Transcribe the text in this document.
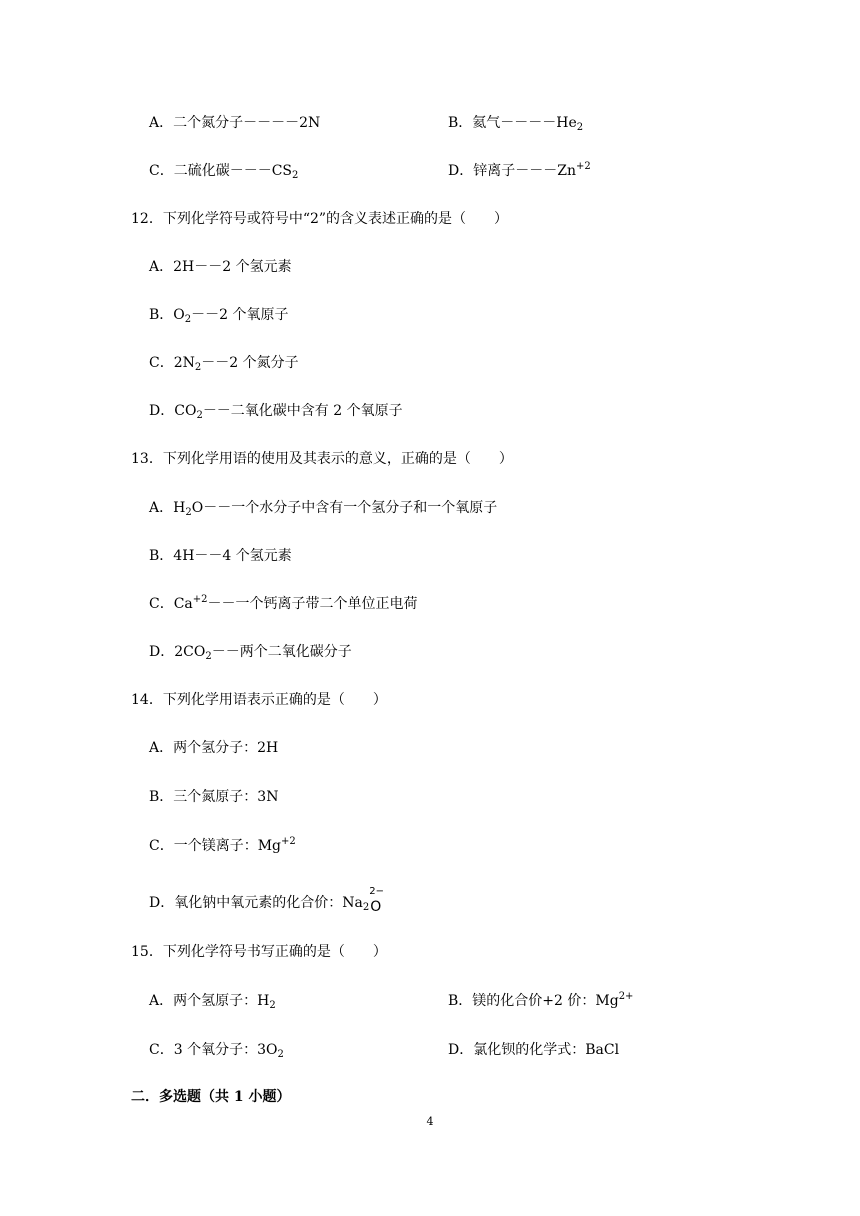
A．二个氮分子－－－－2N	B．氦气$----He_2$
C．二硫化碳$---CS_2$	D．锌离子$---Zn^{+2}$
12．下列化学符号或符号中“2”的含义表述正确的是（　　）
A．2H－－2 个氢元素
B．$O_2--2$ 个氧原子
C．$2N_2--2$ 个氮分子
D．$CO_2--$二氧化碳中含有 2 个氧原子
13．下列化学用语的使用及其表示的意义，正确的是（　　）
A．$H_2O--$一个水分子中含有一个氢分子和一个氧原子
B．4H－－4 个氢元素
C．$Ca^{+2}--$一个钙离子带二个单位正电荷
D．$2CO_2--$两个二氧化碳分子
14．下列化学用语表示正确的是（　　）
A．两个氢分子：2H
B．三个氮原子：3N
C．一个镁离子：$Mg^{+2}$
D．氧化钠中氧元素的化合价：$Na_2$
2−
O
15．下列化学符号书写正确的是（　　）
A．两个氢原子：$H_2$	B．镁的化合价+2 价：$Mg^{2+}$
C．3 个氧分子：$3O_2$	D．氯化钡的化学式：BaCl
二．多选题（共 1 小题）
4
